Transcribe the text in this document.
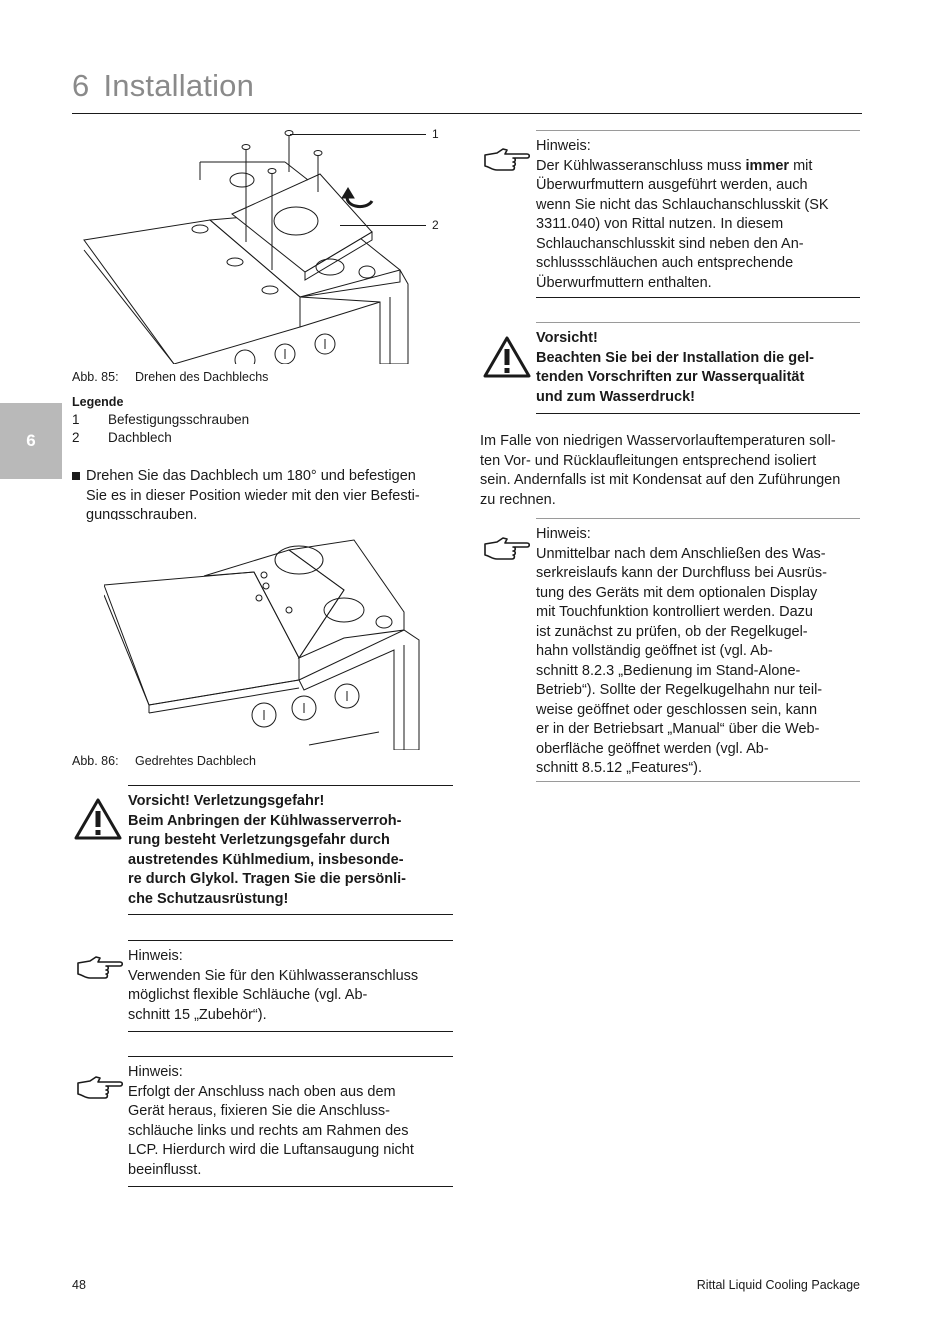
6 Installation
6
1
2
Abb. 85: Drehen des Dachblechs
Legende
1 Befestigungsschrauben
2 Dachblech
Drehen Sie das Dachblech um 180° und befestigen
Sie es in dieser Position wieder mit den vier Befesti-
gungsschrauben.
Abb. 86: Gedrehtes Dachblech
Vorsicht! Verletzungsgefahr!
Beim Anbringen der Kühlwasserverroh-
rung besteht Verletzungsgefahr durch
austretendes Kühlmedium, insbesonde-
re durch Glykol. Tragen Sie die persönli-
che Schutzausrüstung!
Hinweis:
Verwenden Sie für den Kühlwasseranschluss
möglichst flexible Schläuche (vgl. Ab-
schnitt 15 „Zubehör“).
Hinweis:
Erfolgt der Anschluss nach oben aus dem
Gerät heraus, fixieren Sie die Anschluss-
schläuche links und rechts am Rahmen des
LCP. Hierdurch wird die Luftansaugung nicht
beeinflusst.
Hinweis:
Der Kühlwasseranschluss muss immer mit
Überwurfmuttern ausgeführt werden, auch
wenn Sie nicht das Schlauchanschlusskit (SK
3311.040) von Rittal nutzen. In diesem
Schlauchanschlusskit sind neben den An-
schlussschläuchen auch entsprechende
Überwurfmuttern enthalten.
Vorsicht!
Beachten Sie bei der Installation die gel-
tenden Vorschriften zur Wasserqualität
und zum Wasserdruck!
Im Falle von niedrigen Wasservorlauftemperaturen soll-
ten Vor- und Rücklaufleitungen entsprechend isoliert
sein. Andernfalls ist mit Kondensat auf den Zuführungen
zu rechnen.
Hinweis:
Unmittelbar nach dem Anschließen des Was-
serkreislaufs kann der Durchfluss bei Ausrüs-
tung des Geräts mit dem optionalen Display
mit Touchfunktion kontrolliert werden. Dazu
ist zunächst zu prüfen, ob der Regelkugel-
hahn vollständig geöffnet ist (vgl. Ab-
schnitt 8.2.3 „Bedienung im Stand-Alone-
Betrieb“). Sollte der Regelkugelhahn nur teil-
weise geöffnet oder geschlossen sein, kann
er in der Betriebsart „Manual“ über die Web-
oberfläche geöffnet werden (vgl. Ab-
schnitt 8.5.12 „Features“).
48	Rittal Liquid Cooling Package
